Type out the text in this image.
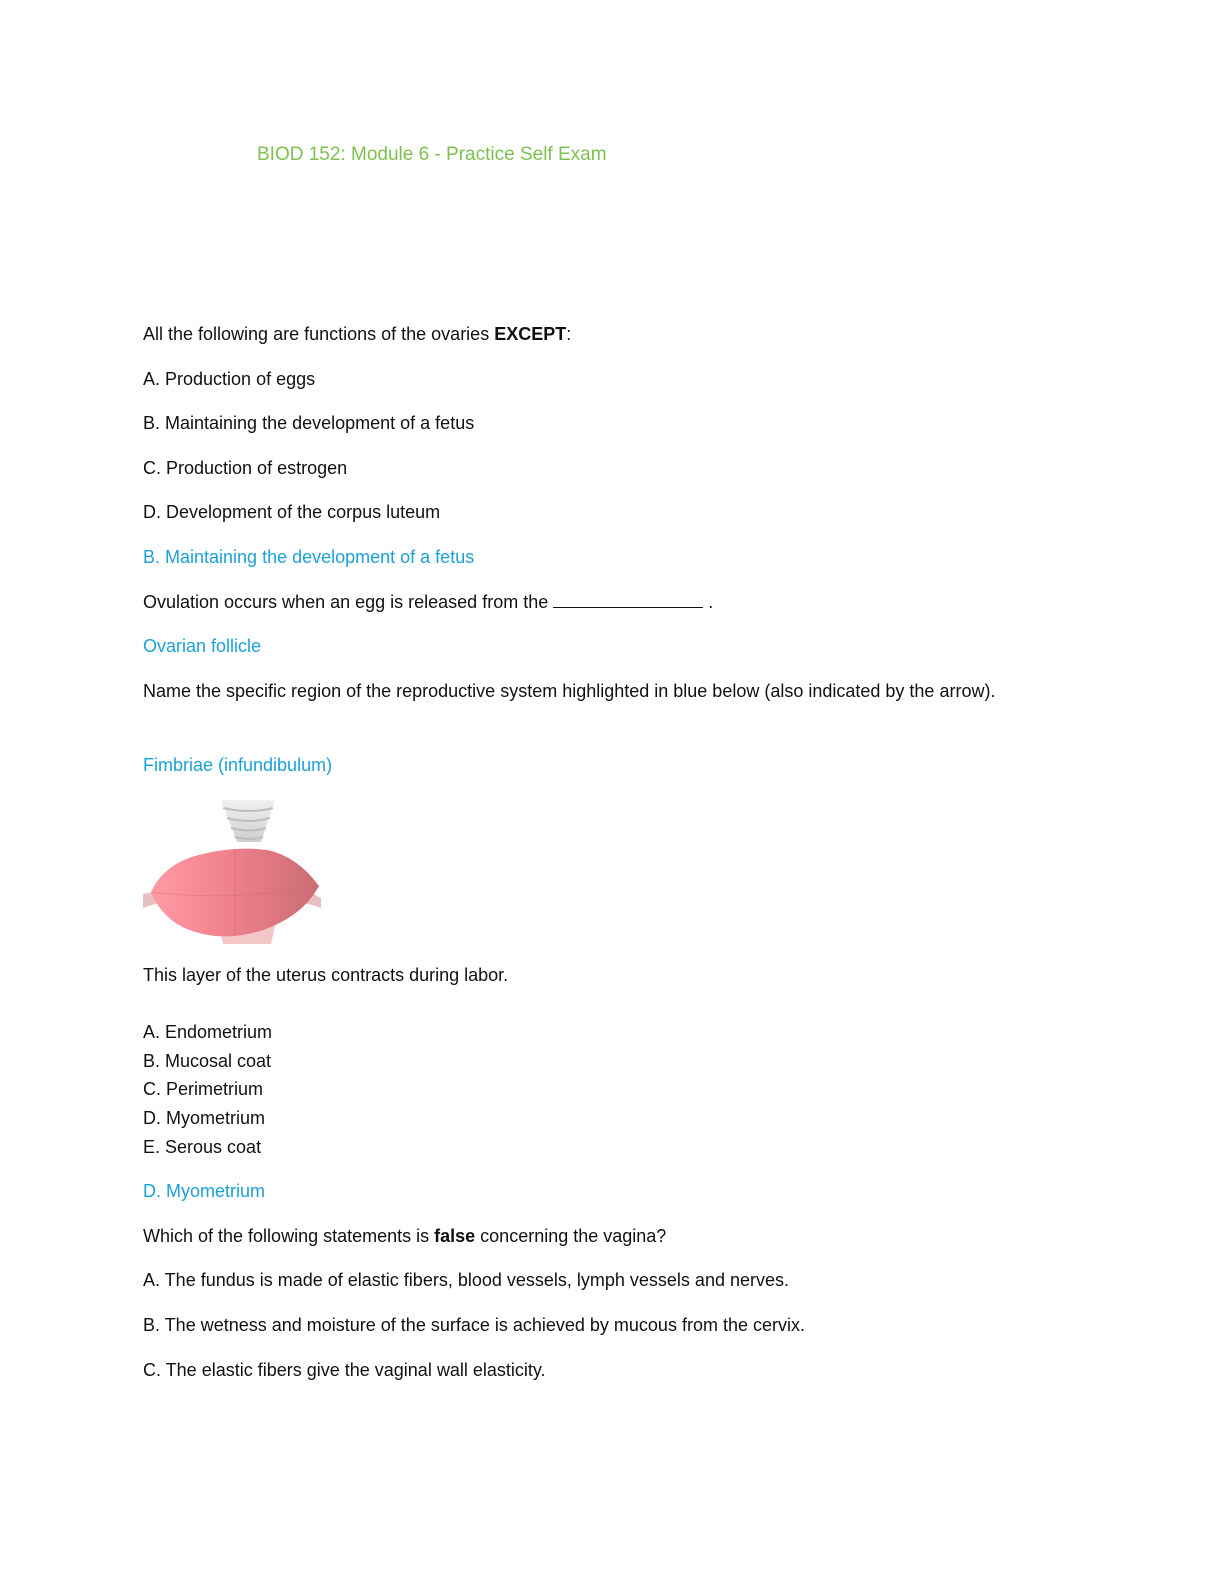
BIOD 152: Module 6 - Practice Self Exam
All the following are functions of the ovaries EXCEPT:
A. Production of eggs
B. Maintaining the development of a fetus
C. Production of estrogen
D. Development of the corpus luteum
B. Maintaining the development of a fetus
Ovulation occurs when an egg is released from the	.
Ovarian follicle
Name the specific region of the reproductive system highlighted in blue below (also indicated by the arrow).
Fimbriae (infundibulum)
This layer of the uterus contracts during labor.
A. Endometrium
B. Mucosal coat
C. Perimetrium
D. Myometrium
E. Serous coat
D. Myometrium
Which of the following statements is false concerning the vagina?
A. The fundus is made of elastic fibers, blood vessels, lymph vessels and nerves.
B. The wetness and moisture of the surface is achieved by mucous from the cervix.
C. The elastic fibers give the vaginal wall elasticity.
